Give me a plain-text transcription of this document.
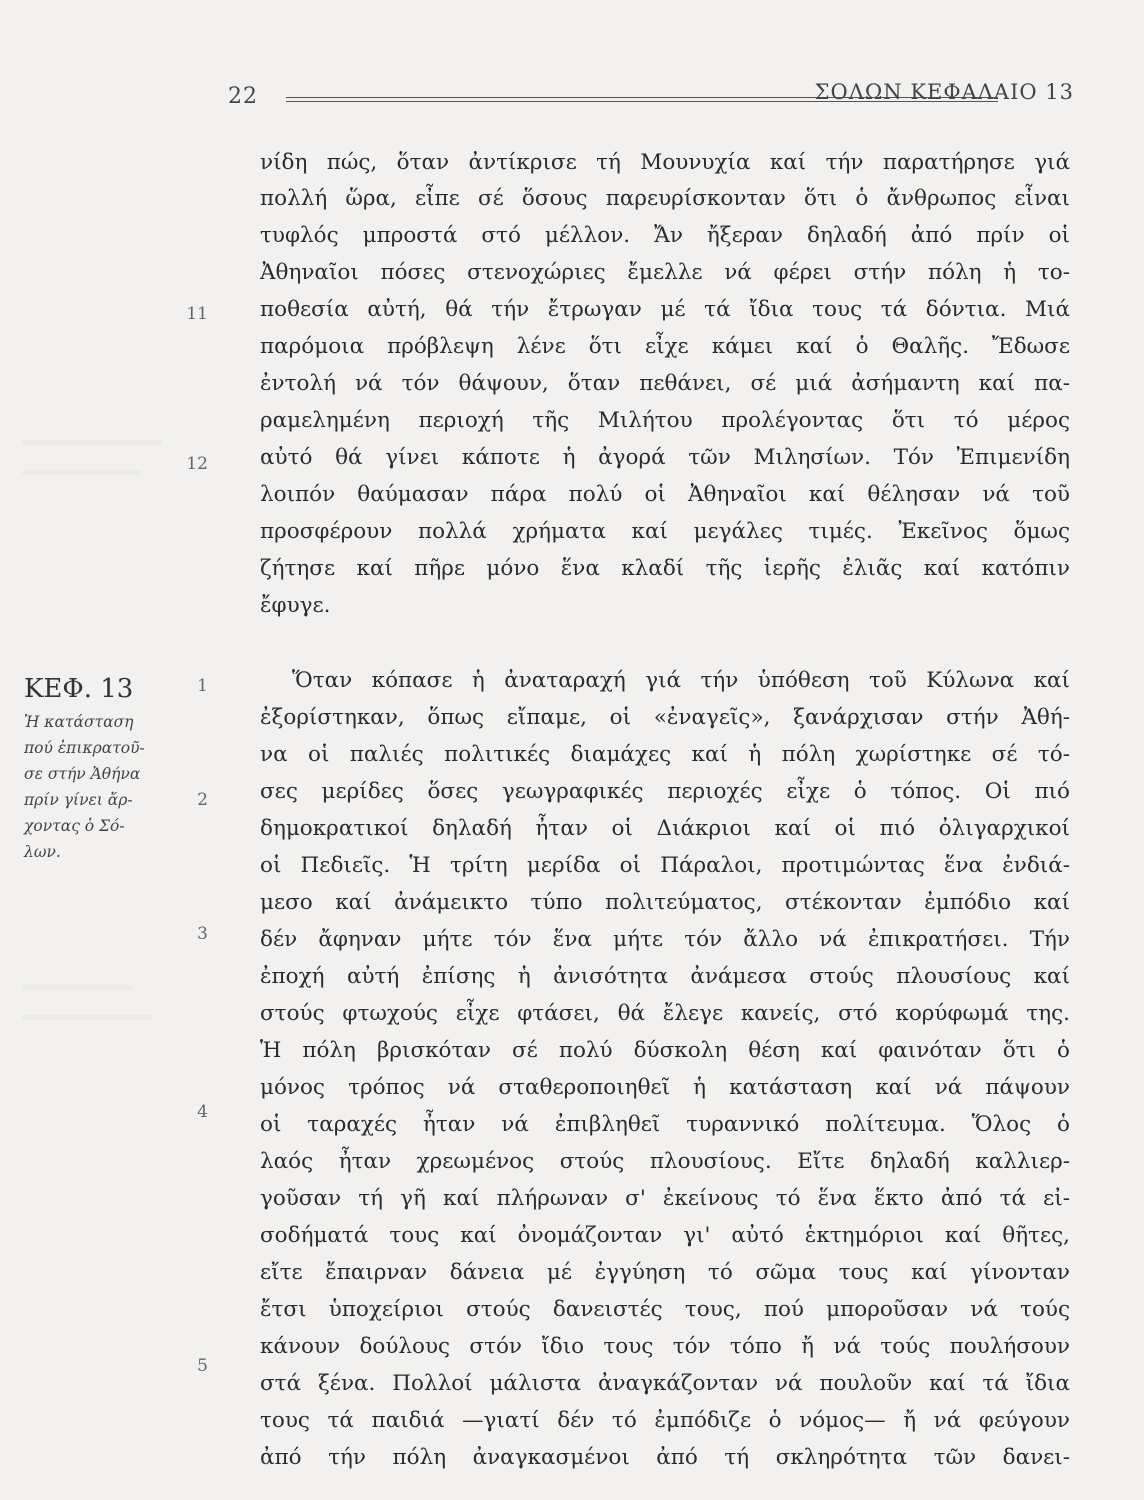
22	ΣΟΛΩΝ ΚΕΦΑΛΑΙΟ 13
11
12
1
2
3
4
5
ΚΕΦ. 13
Ἡ κατάσταση
πού ἐπικρατοῦ-
σε στήν Ἀθήνα
πρίν γίνει ἄρ-
χοντας ὁ Σό-
λων.
νίδη πώς, ὅταν ἀντίκρισε τή Μουνυχία καί τήν παρατήρησε γιά
πολλή ὥρα, εἶπε σέ ὅσους παρευρίσκονταν ὅτι ὁ ἄνθρωπος εἶναι
τυφλός μπροστά στό μέλλον. Ἄν ἤξεραν δηλαδή ἀπό πρίν οἱ
Ἀθηναῖοι πόσες στενοχώριες ἔμελλε νά φέρει στήν πόλη ἡ το-
ποθεσία αὐτή, θά τήν ἔτρωγαν μέ τά ἴδια τους τά δόντια. Μιά
παρόμοια πρόβλεψη λένε ὅτι εἶχε κάμει καί ὁ Θαλῆς. Ἔδωσε
ἐντολή νά τόν θάψουν, ὅταν πεθάνει, σέ μιά ἀσήμαντη καί πα-
ραμελημένη περιοχή τῆς Μιλήτου προλέγοντας ὅτι τό μέρος
αὐτό θά γίνει κάποτε ἡ ἀγορά τῶν Μιλησίων. Τόν Ἐπιμενίδη
λοιπόν θαύμασαν πάρα πολύ οἱ Ἀθηναῖοι καί θέλησαν νά τοῦ
προσφέρουν πολλά χρήματα καί μεγάλες τιμές. Ἐκεῖνος ὅμως
ζήτησε καί πῆρε μόνο ἕνα κλαδί τῆς ἱερῆς ἐλιᾶς καί κατόπιν
ἔφυγε.
Ὅταν κόπασε ἡ ἀναταραχή γιά τήν ὑπόθεση τοῦ Κύλωνα καί
ἐξορίστηκαν, ὅπως εἴπαμε, οἱ «ἐναγεῖς», ξανάρχισαν στήν Ἀθή-
να οἱ παλιές πολιτικές διαμάχες καί ἡ πόλη χωρίστηκε σέ τό-
σες μερίδες ὅσες γεωγραφικές περιοχές εἶχε ὁ τόπος. Οἱ πιό
δημοκρατικοί δηλαδή ἦταν οἱ Διάκριοι καί οἱ πιό ὀλιγαρχικοί
οἱ Πεδιεῖς. Ἡ τρίτη μερίδα οἱ Πάραλοι, προτιμώντας ἕνα ἐνδιά-
μεσο καί ἀνάμεικτο τύπο πολιτεύματος, στέκονταν ἐμπόδιο καί
δέν ἄφηναν μήτε τόν ἕνα μήτε τόν ἄλλο νά ἐπικρατήσει. Τήν
ἐποχή αὐτή ἐπίσης ἡ ἀνισότητα ἀνάμεσα στούς πλουσίους καί
στούς φτωχούς εἶχε φτάσει, θά ἔλεγε κανείς, στό κορύφωμά της.
Ἡ πόλη βρισκόταν σέ πολύ δύσκολη θέση καί φαινόταν ὅτι ὁ
μόνος τρόπος νά σταθεροποιηθεῖ ἡ κατάσταση καί νά πάψουν
οἱ ταραχές ἦταν νά ἐπιβληθεῖ τυραννικό πολίτευμα. Ὅλος ὁ
λαός ἦταν χρεωμένος στούς πλουσίους. Εἴτε δηλαδή καλλιερ-
γοῦσαν τή γῆ καί πλήρωναν σ' ἐκείνους τό ἕνα ἕκτο ἀπό τά εἰ-
σοδήματά τους καί ὀνομάζονταν γι' αὐτό ἑκτημόριοι καί θῆτες,
εἴτε ἔπαιρναν δάνεια μέ ἐγγύηση τό σῶμα τους καί γίνονταν
ἔτσι ὑποχείριοι στούς δανειστές τους, πού μποροῦσαν νά τούς
κάνουν δούλους στόν ἴδιο τους τόν τόπο ἤ νά τούς πουλήσουν
στά ξένα. Πολλοί μάλιστα ἀναγκάζονταν νά πουλοῦν καί τά ἴδια
τους τά παιδιά —γιατί δέν τό ἐμπόδιζε ὁ νόμος— ἤ νά φεύγουν
ἀπό τήν πόλη ἀναγκασμένοι ἀπό τή σκληρότητα τῶν δανει-
